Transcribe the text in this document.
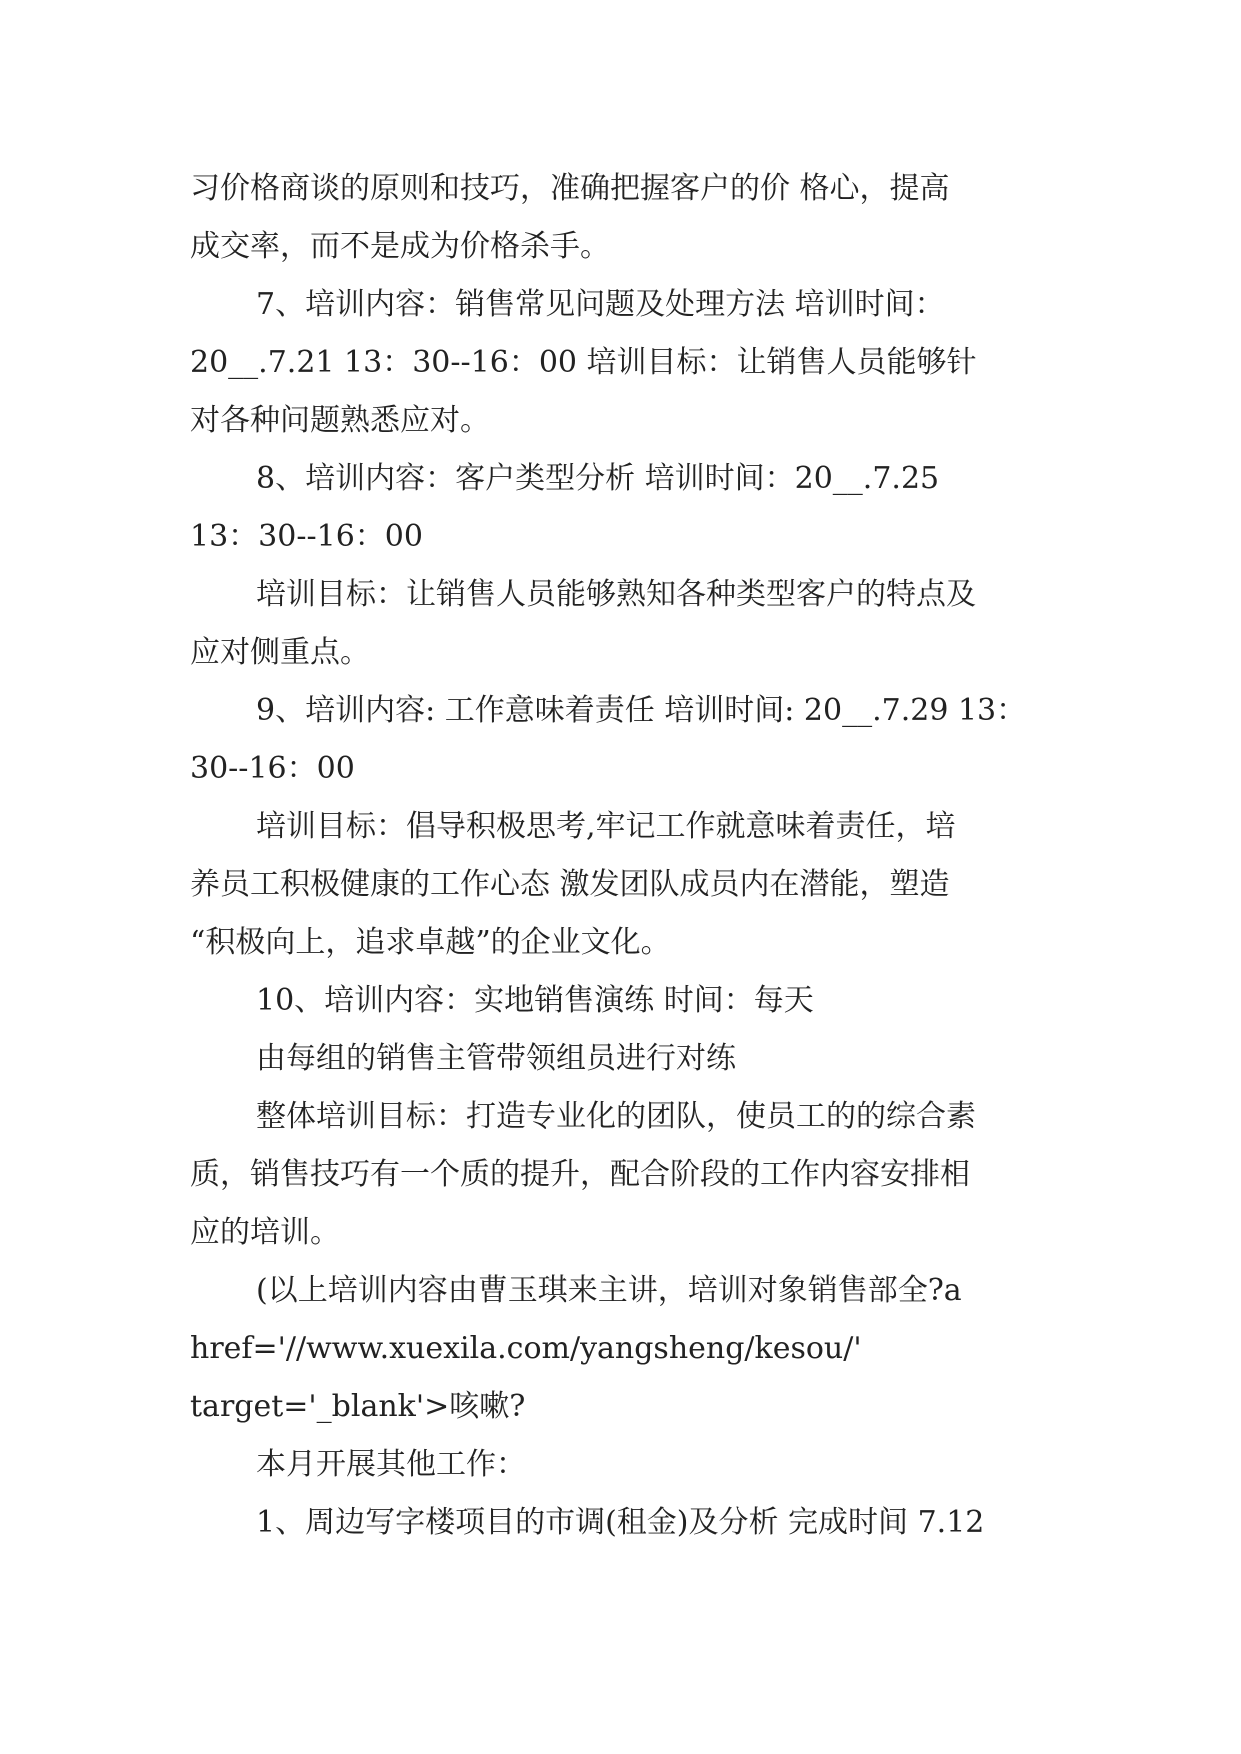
习价格商谈的原则和技巧，准确把握客户的价 格心，提高
成交率，而不是成为价格杀手。
7、培训内容：销售常见问题及处理方法 培训时间：
20__.7.21 13：30--16：00 培训目标：让销售人员能够针
对各种问题熟悉应对。
8、培训内容：客户类型分析 培训时间：20__.7.25
13：30--16：00
培训目标：让销售人员能够熟知各种类型客户的特点及
应对侧重点。
9、培训内容: 工作意味着责任 培训时间: 20__.7.29 13：
30--16：00
培训目标：倡导积极思考,牢记工作就意味着责任，培
养员工积极健康的工作心态 激发团队成员内在潜能，塑造
“积极向上，追求卓越”的企业文化。
10、培训内容：实地销售演练 时间：每天
由每组的销售主管带领组员进行对练
整体培训目标：打造专业化的团队，使员工的的综合素
质，销售技巧有一个质的提升，配合阶段的工作内容安排相
应的培训。
(以上培训内容由曹玉琪来主讲，培训对象销售部全?a
href='//www.xuexila.com/yangsheng/kesou/'
target='_blank'>咳嗽?
本月开展其他工作：
1、周边写字楼项目的市调(租金)及分析 完成时间 7.12
